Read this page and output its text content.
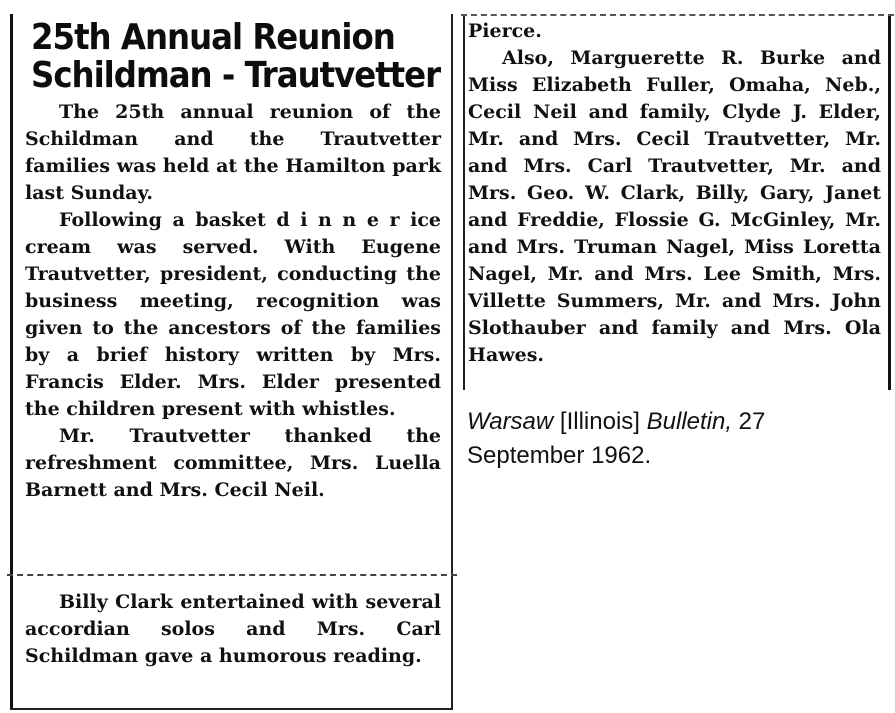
25th Annual Reunion
Schildman - Trautvetter

The 25th annual reunion of the Schildman and the Trautvetter families was held at the Hamilton park last Sunday.

Following a basket d i n n e r ice cream was served. With Eugene Trautvetter, president, conducting the business meeting, recognition was given to the ancestors of the families by a brief history written by Mrs. Francis Elder. Mrs. Elder presented the children present with whistles.

Mr. Trautvetter thanked the refreshment committee, Mrs. Luella Barnett and Mrs. Cecil Neil.

Billy Clark entertained with several accordian solos and Mrs. Carl Schildman gave a humorous reading.

Pierce.

Also, Marguerette R. Burke and Miss Elizabeth Fuller, Omaha, Neb., Cecil Neil and family, Clyde J. Elder, Mr. and Mrs. Cecil Trautvetter, Mr. and Mrs. Carl Trautvetter, Mr. and Mrs. Geo. W. Clark, Billy, Gary, Janet and Freddie, Flossie G. McGinley, Mr. and Mrs. Truman Nagel, Miss Loretta Nagel, Mr. and Mrs. Lee Smith, Mrs. Villette Summers, Mr. and Mrs. John Slothauber and family and Mrs. Ola Hawes.

Warsaw [Illinois] Bulletin, 27 September 1962.
